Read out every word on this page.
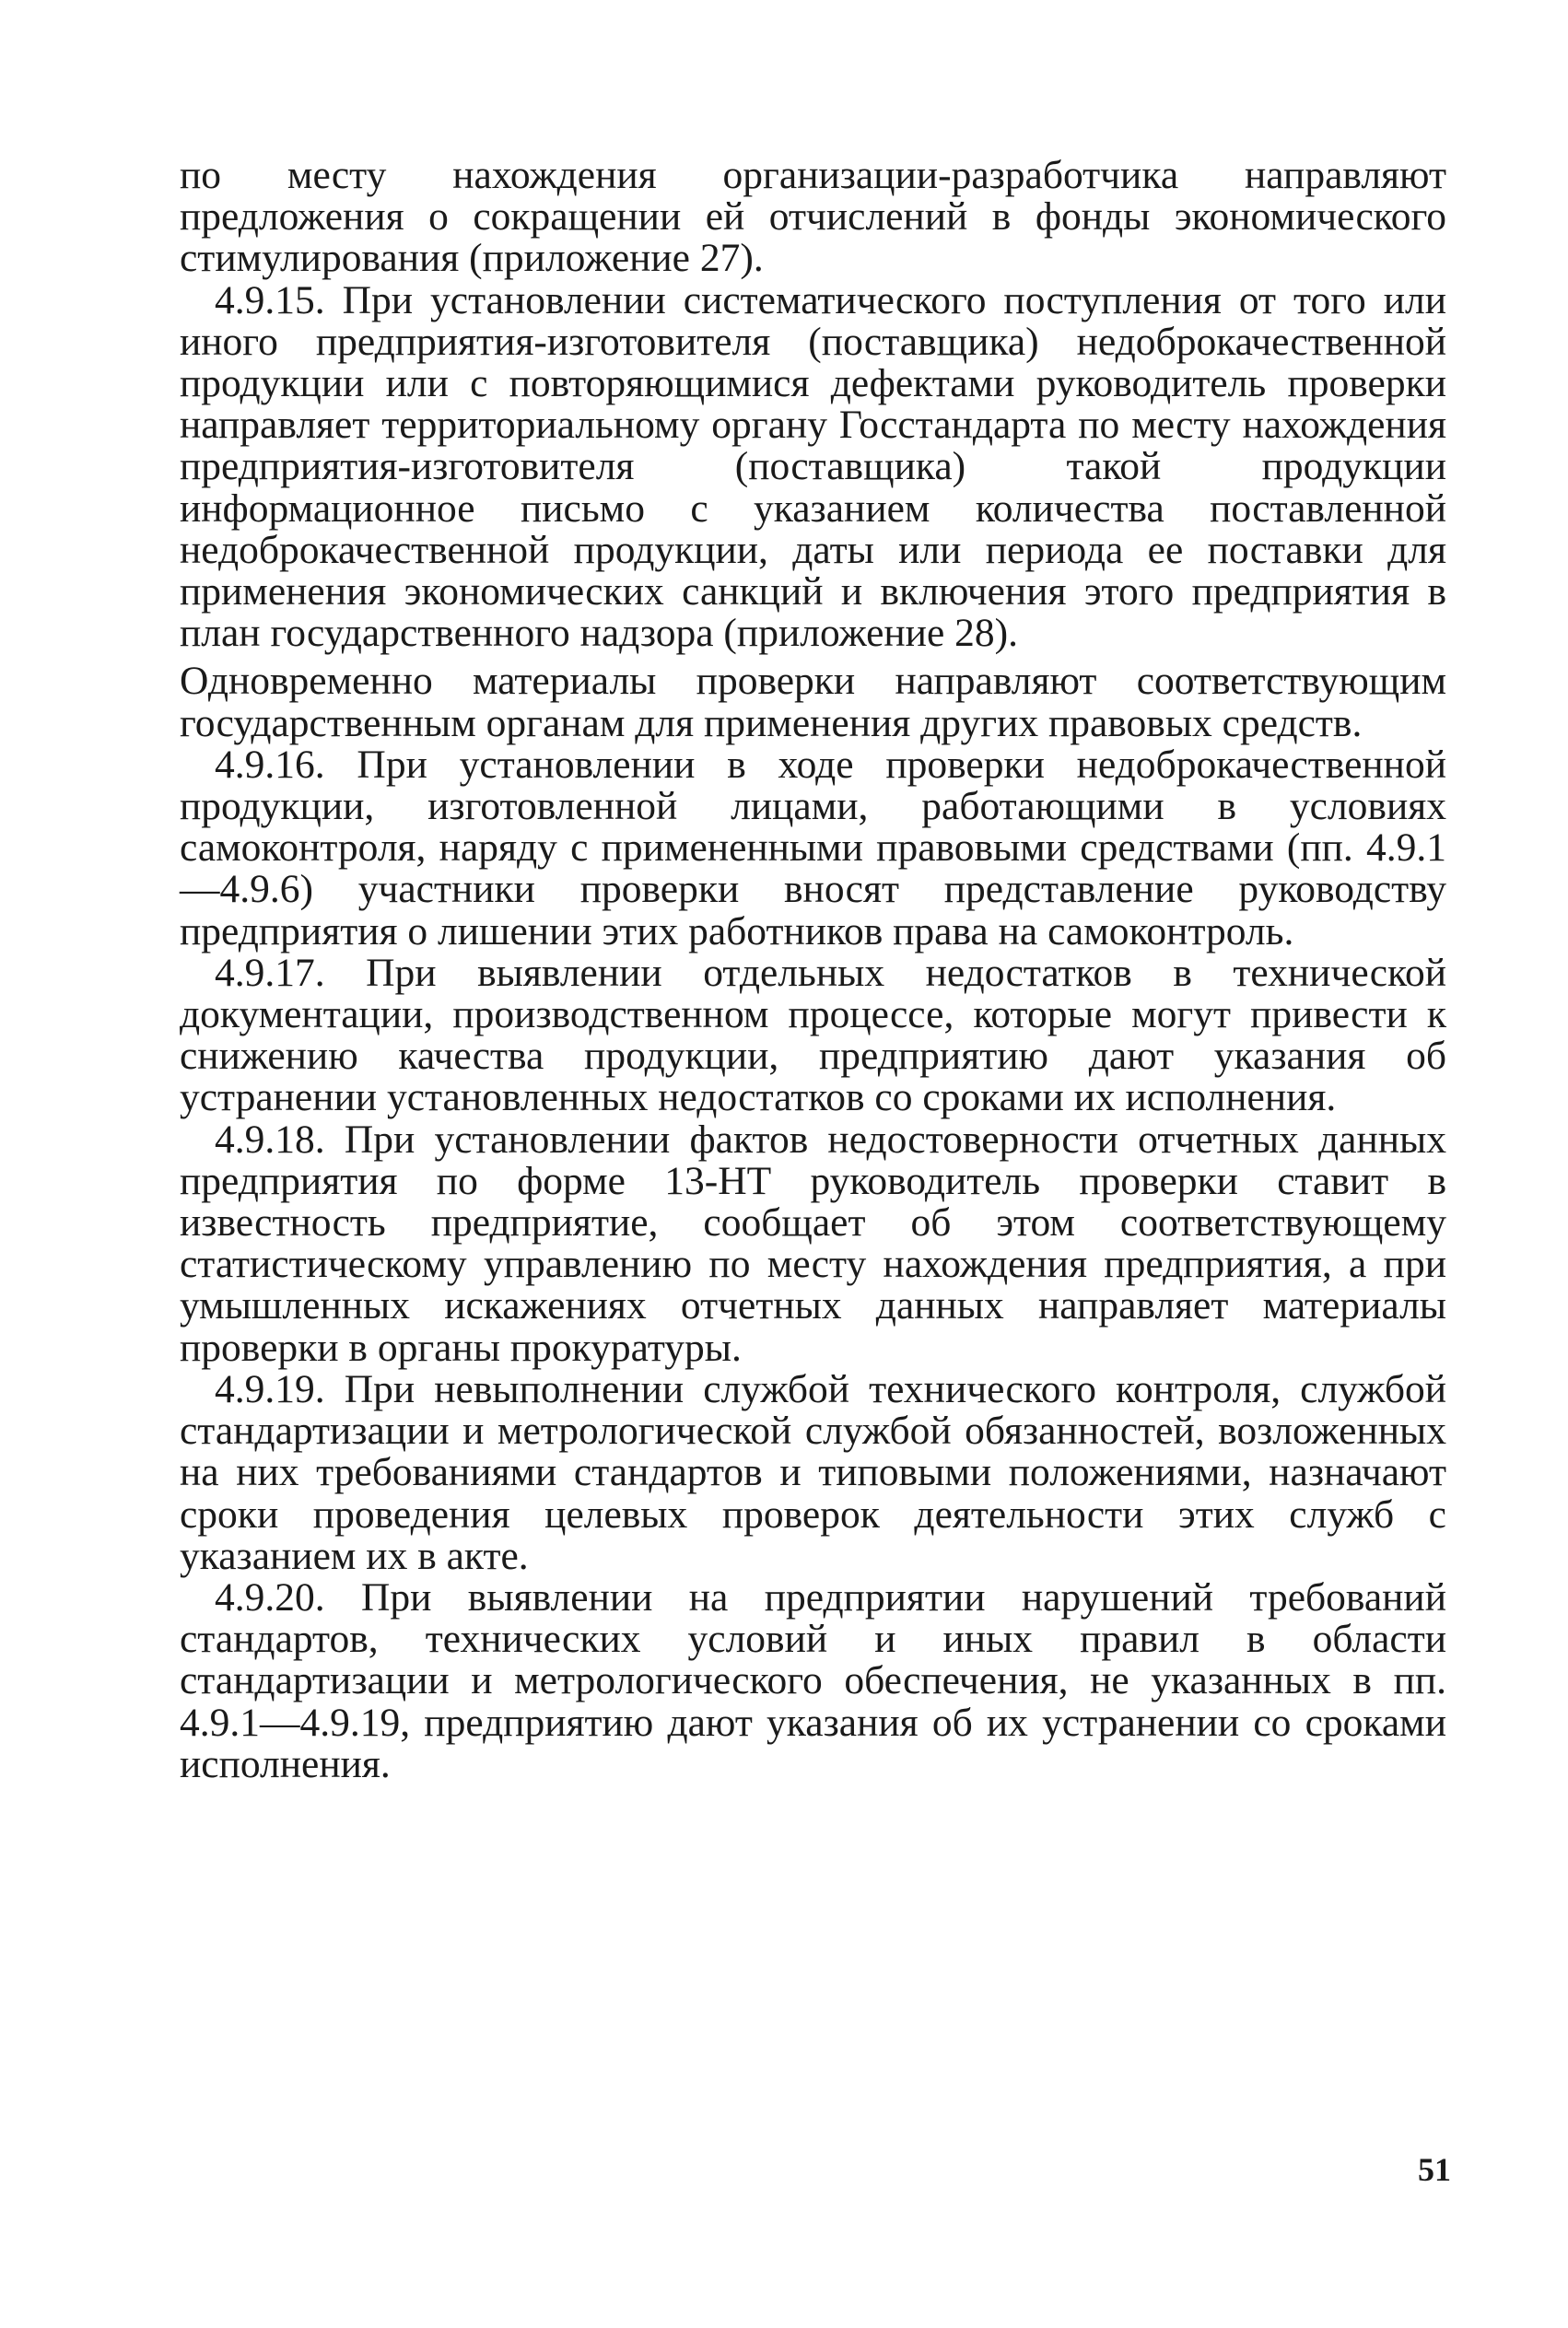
по месту нахождения организации-разработчика направляют предложения о сокращении ей отчислений в фонды экономического стимулирования (приложение 27).

4.9.15. При установлении систематического поступления от того или иного предприятия-изготовителя (поставщика) недоброкачественной продукции или с повторяющимися дефектами руководитель проверки направляет территориальному органу Госстандарта по месту нахождения предприятия-изготовителя (поставщика) такой продукции информационное письмо с указанием количества поставленной недоброкачественной продукции, даты или периода ее поставки для применения экономических санкций и включения этого предприятия в план государственного надзора (приложение 28).

Одновременно материалы проверки направляют соответствующим государственным органам для применения других правовых средств.

4.9.16. При установлении в ходе проверки недоброкачественной продукции, изготовленной лицами, работающими в условиях самоконтроля, наряду с примененными правовыми средствами (пп. 4.9.1—4.9.6) участники проверки вносят представление руководству предприятия о лишении этих работников права на самоконтроль.

4.9.17. При выявлении отдельных недостатков в технической документации, производственном процессе, которые могут привести к снижению качества продукции, предприятию дают указания об устранении установленных недостатков со сроками их исполнения.

4.9.18. При установлении фактов недостоверности отчетных данных предприятия по форме 13-НТ руководитель проверки ставит в известность предприятие, сообщает об этом соответствующему статистическому управлению по месту нахождения предприятия, а при умышленных искажениях отчетных данных направляет материалы проверки в органы прокуратуры.

4.9.19. При невыполнении службой технического контроля, службой стандартизации и метрологической службой обязанностей, возложенных на них требованиями стандартов и типовыми положениями, назначают сроки проведения целевых проверок деятельности этих служб с указанием их в акте.

4.9.20. При выявлении на предприятии нарушений требований стандартов, технических условий и иных правил в области стандартизации и метрологического обеспечения, не указанных в пп. 4.9.1—4.9.19, предприятию дают указания об их устранении со сроками исполнения.

51
